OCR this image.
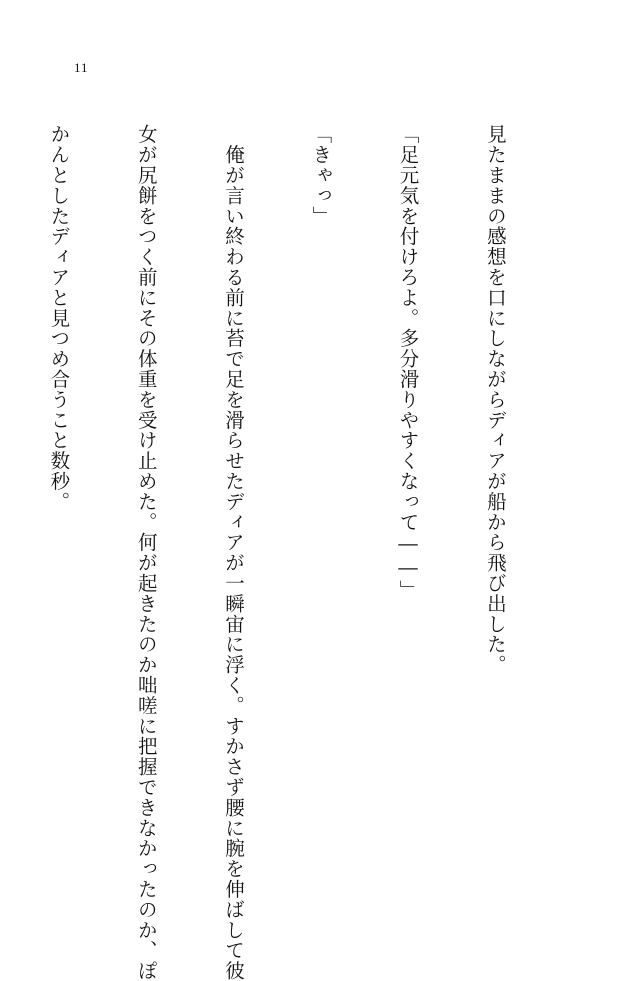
11

見たままの感想を口にしながらディアが船から飛び出した。

「足元気を付けろよ。多分滑りやすくなって――」

「きゃっ」

　俺が言い終わる前に苔で足を滑らせたディアが一瞬宙に浮く。すかさず腰に腕を伸ばして彼

女が尻餅をつく前にその体重を受け止めた。何が起きたのか咄嗟に把握できなかったのか、ぽ

かんとしたディアと見つめ合うこと数秒。
